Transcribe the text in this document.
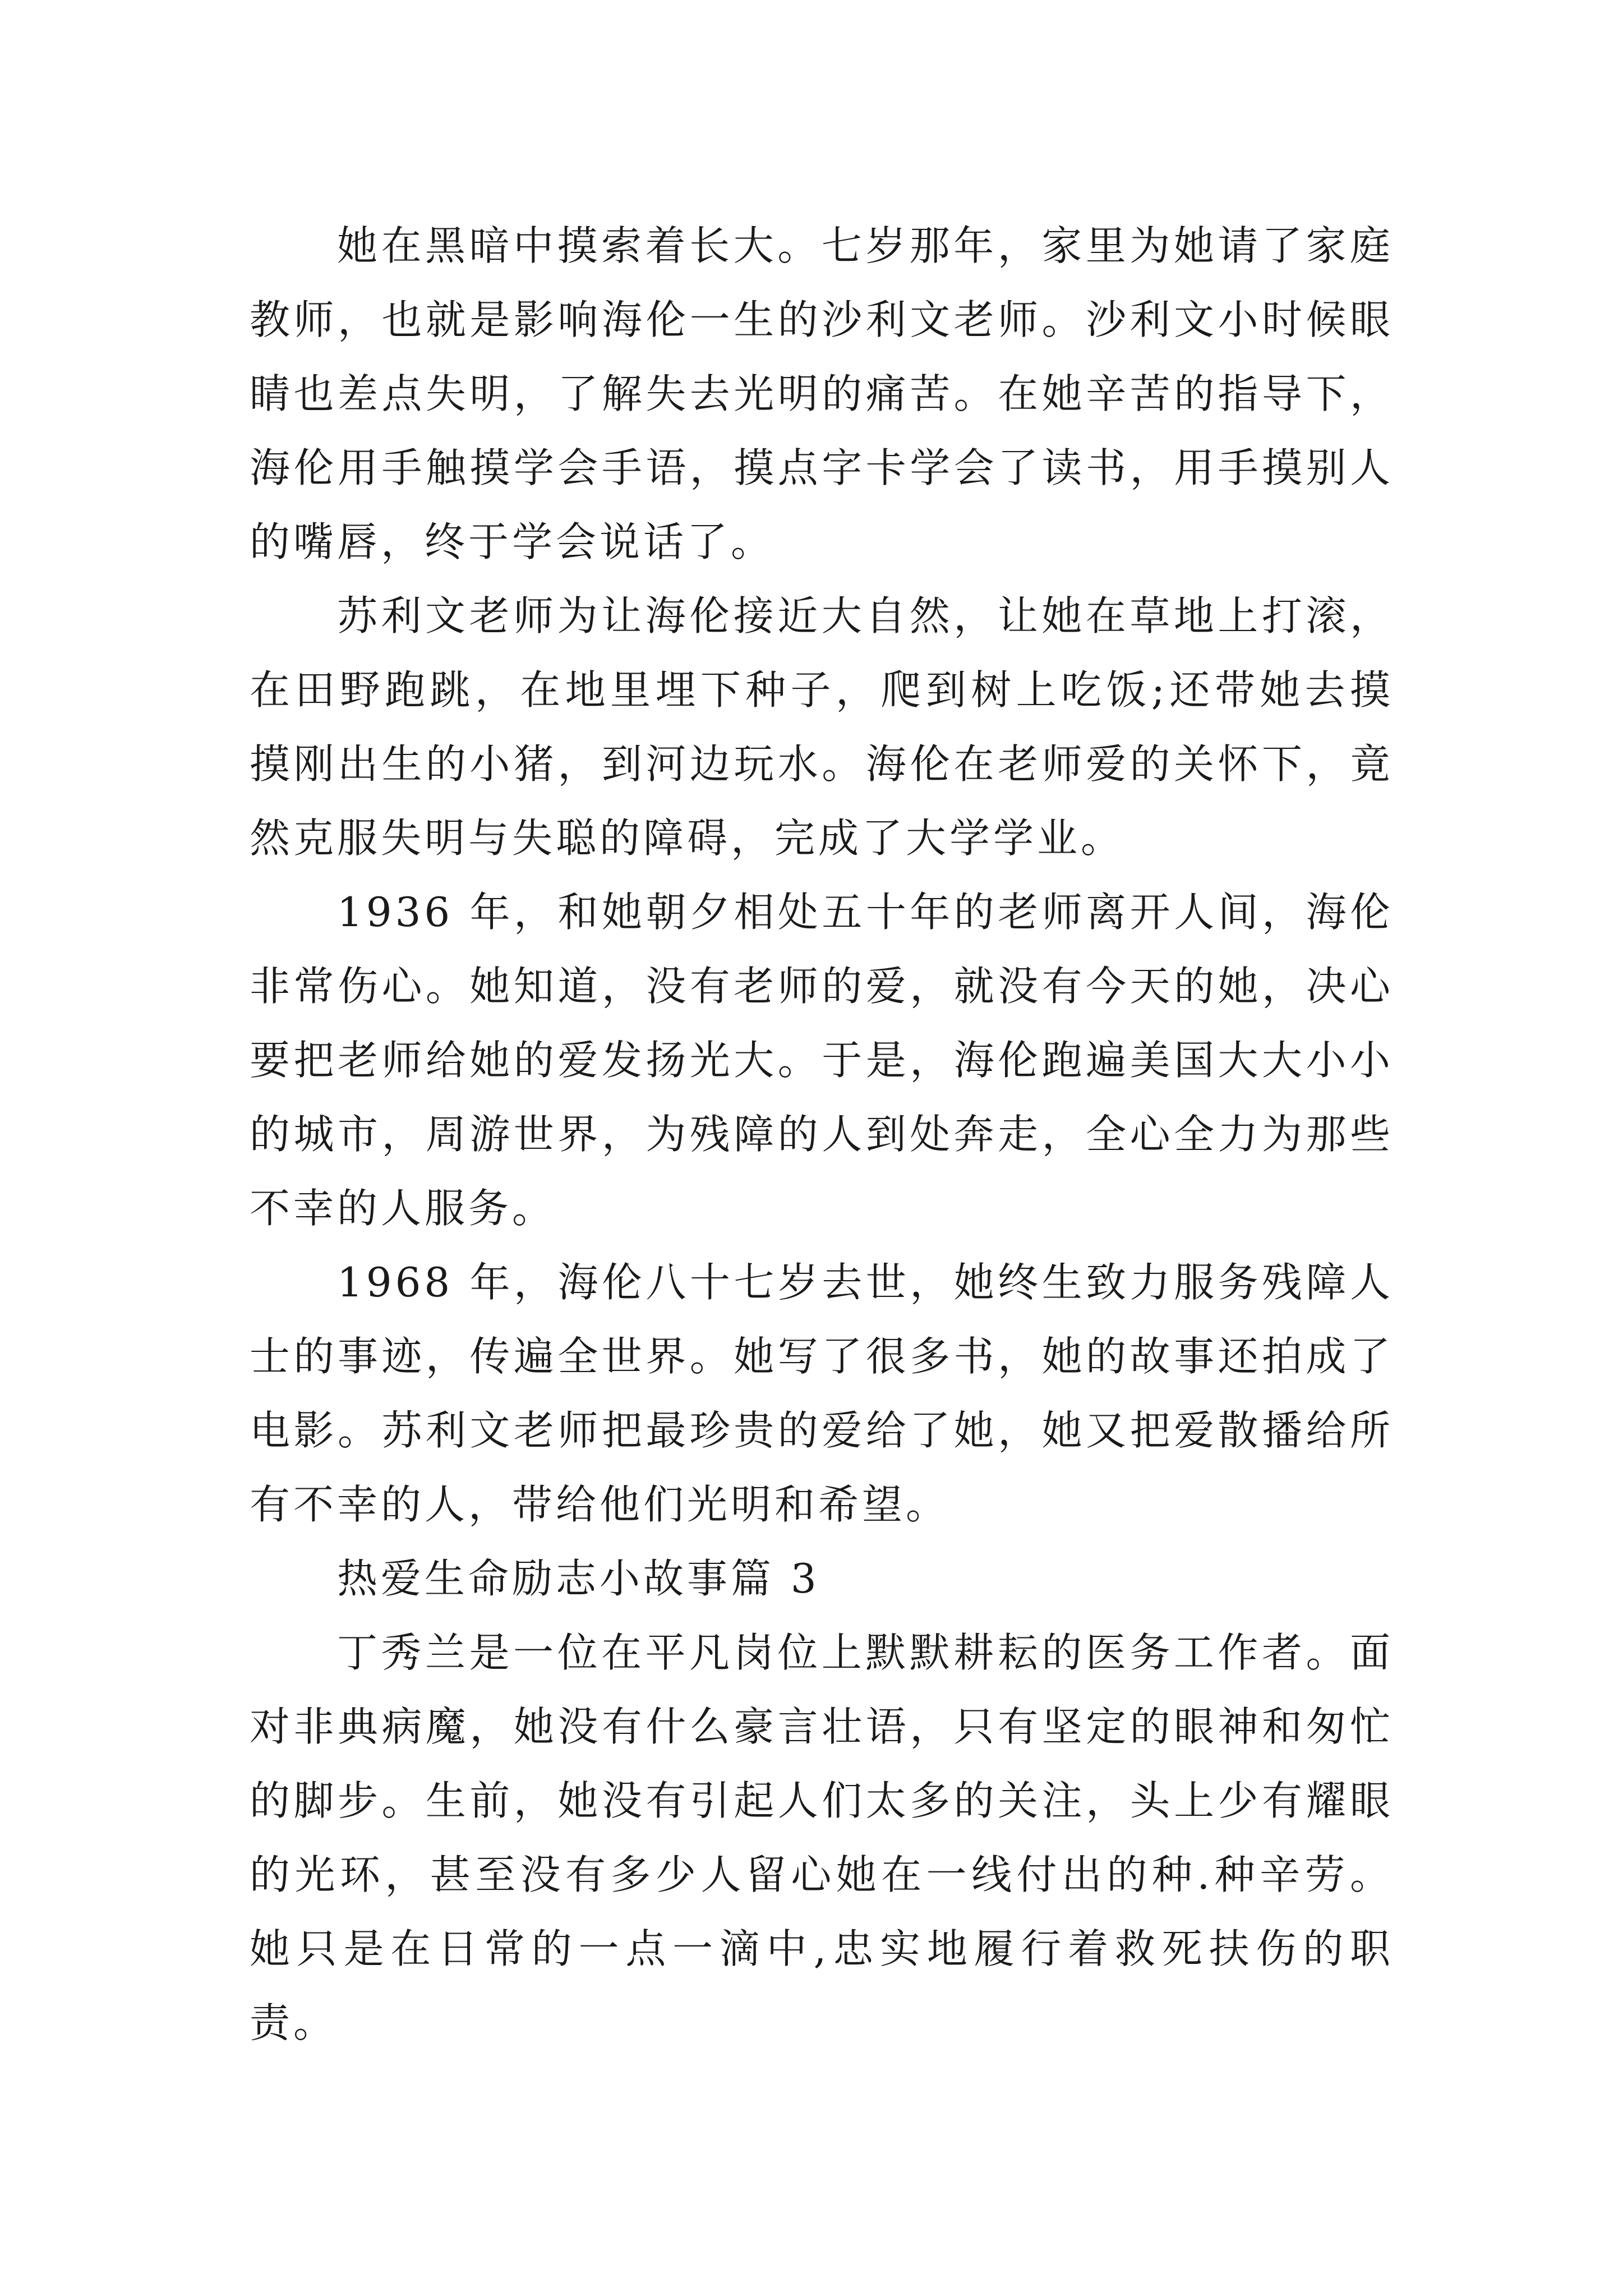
她在黑暗中摸索着长大。七岁那年，家里为她请了家庭教师，也就是影响海伦一生的沙利文老师。沙利文小时候眼睛也差点失明，了解失去光明的痛苦。在她辛苦的指导下，海伦用手触摸学会手语，摸点字卡学会了读书，用手摸别人的嘴唇，终于学会说话了。

苏利文老师为让海伦接近大自然，让她在草地上打滚，在田野跑跳，在地里埋下种子，爬到树上吃饭;还带她去摸摸刚出生的小猪，到河边玩水。海伦在老师爱的关怀下，竟然克服失明与失聪的障碍，完成了大学学业。

1936 年，和她朝夕相处五十年的老师离开人间，海伦非常伤心。她知道，没有老师的爱，就没有今天的她，决心要把老师给她的爱发扬光大。于是，海伦跑遍美国大大小小的城市，周游世界，为残障的人到处奔走，全心全力为那些不幸的人服务。

1968 年，海伦八十七岁去世，她终生致力服务残障人士的事迹，传遍全世界。她写了很多书，她的故事还拍成了电影。苏利文老师把最珍贵的爱给了她，她又把爱散播给所有不幸的人，带给他们光明和希望。

热爱生命励志小故事篇 3

丁秀兰是一位在平凡岗位上默默耕耘的医务工作者。面对非典病魔，她没有什么豪言壮语，只有坚定的眼神和匆忙的脚步。生前，她没有引起人们太多的关注，头上少有耀眼的光环，甚至没有多少人留心她在一线付出的种.种辛劳。她只是在日常的一点一滴中,忠实地履行着救死扶伤的职责。
